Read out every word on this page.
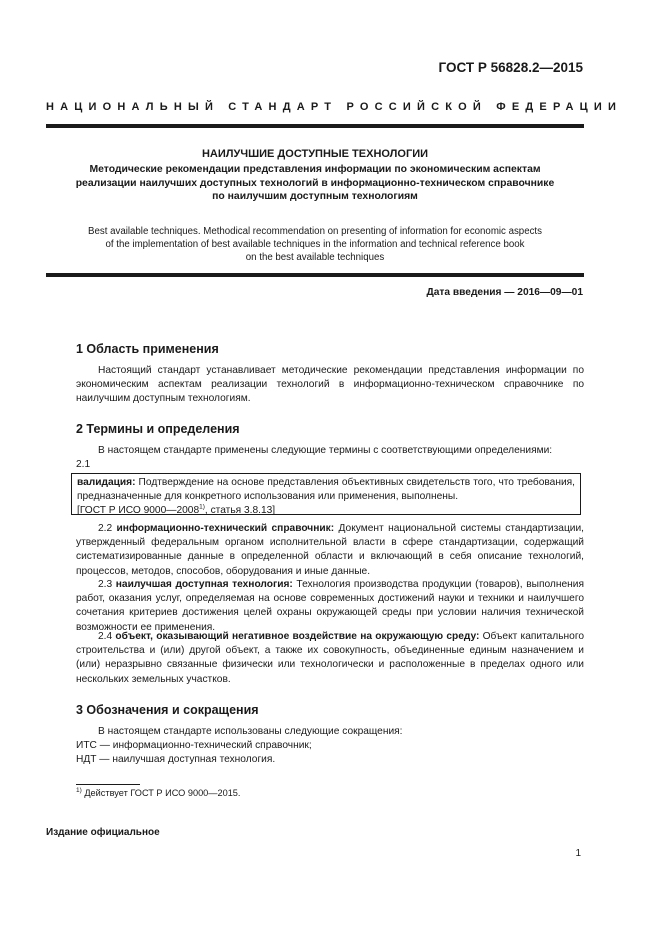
ГОСТ Р 56828.2—2015
НАЦИОНАЛЬНЫЙ СТАНДАРТ РОССИЙСКОЙ ФЕДЕРАЦИИ
НАИЛУЧШИЕ ДОСТУПНЫЕ ТЕХНОЛОГИИ
Методические рекомендации представления информации по экономическим аспектам
реализации наилучших доступных технологий в информационно-техническом справочнике
по наилучшим доступным технологиям
Best available techniques. Methodical recommendation on presenting of information for economic aspects
of the implementation of best available techniques in the information and technical reference book
on the best available techniques
Дата введения — 2016—09—01
1 Область применения
Настоящий стандарт устанавливает методические рекомендации представления информации по экономическим аспектам реализации технологий в информационно-техническом справочнике по наилучшим доступным технологиям.
2 Термины и определения
В настоящем стандарте применены следующие термины с соответствующими определениями:
2.1
валидация: Подтверждение на основе представления объективных свидетельств того, что требования, предназначенные для конкретного использования или применения, выполнены.
[ГОСТ Р ИСО 9000—2008$^{1)}$, статья 3.8.13]
2.2 информационно-технический справочник: Документ национальной системы стандартизации, утвержденный федеральным органом исполнительной власти в сфере стандартизации, содержащий систематизированные данные в определенной области и включающий в себя описание технологий, процессов, методов, способов, оборудования и иные данные.
2.3 наилучшая доступная технология: Технология производства продукции (товаров), выполнения работ, оказания услуг, определяемая на основе современных достижений науки и техники и наилучшего сочетания критериев достижения целей охраны окружающей среды при условии наличия технической возможности ее применения.
2.4 объект, оказывающий негативное воздействие на окружающую среду: Объект капитального строительства и (или) другой объект, а также их совокупность, объединенные единым назначением и (или) неразрывно связанные физически или технологически и расположенные в пределах одного или нескольких земельных участков.
3 Обозначения и сокращения
В настоящем стандарте использованы следующие сокращения:
ИТС — информационно-технический справочник;
НДТ — наилучшая доступная технология.
$^{1)}$ Действует ГОСТ Р ИСО 9000—2015.
Издание официальное
1
